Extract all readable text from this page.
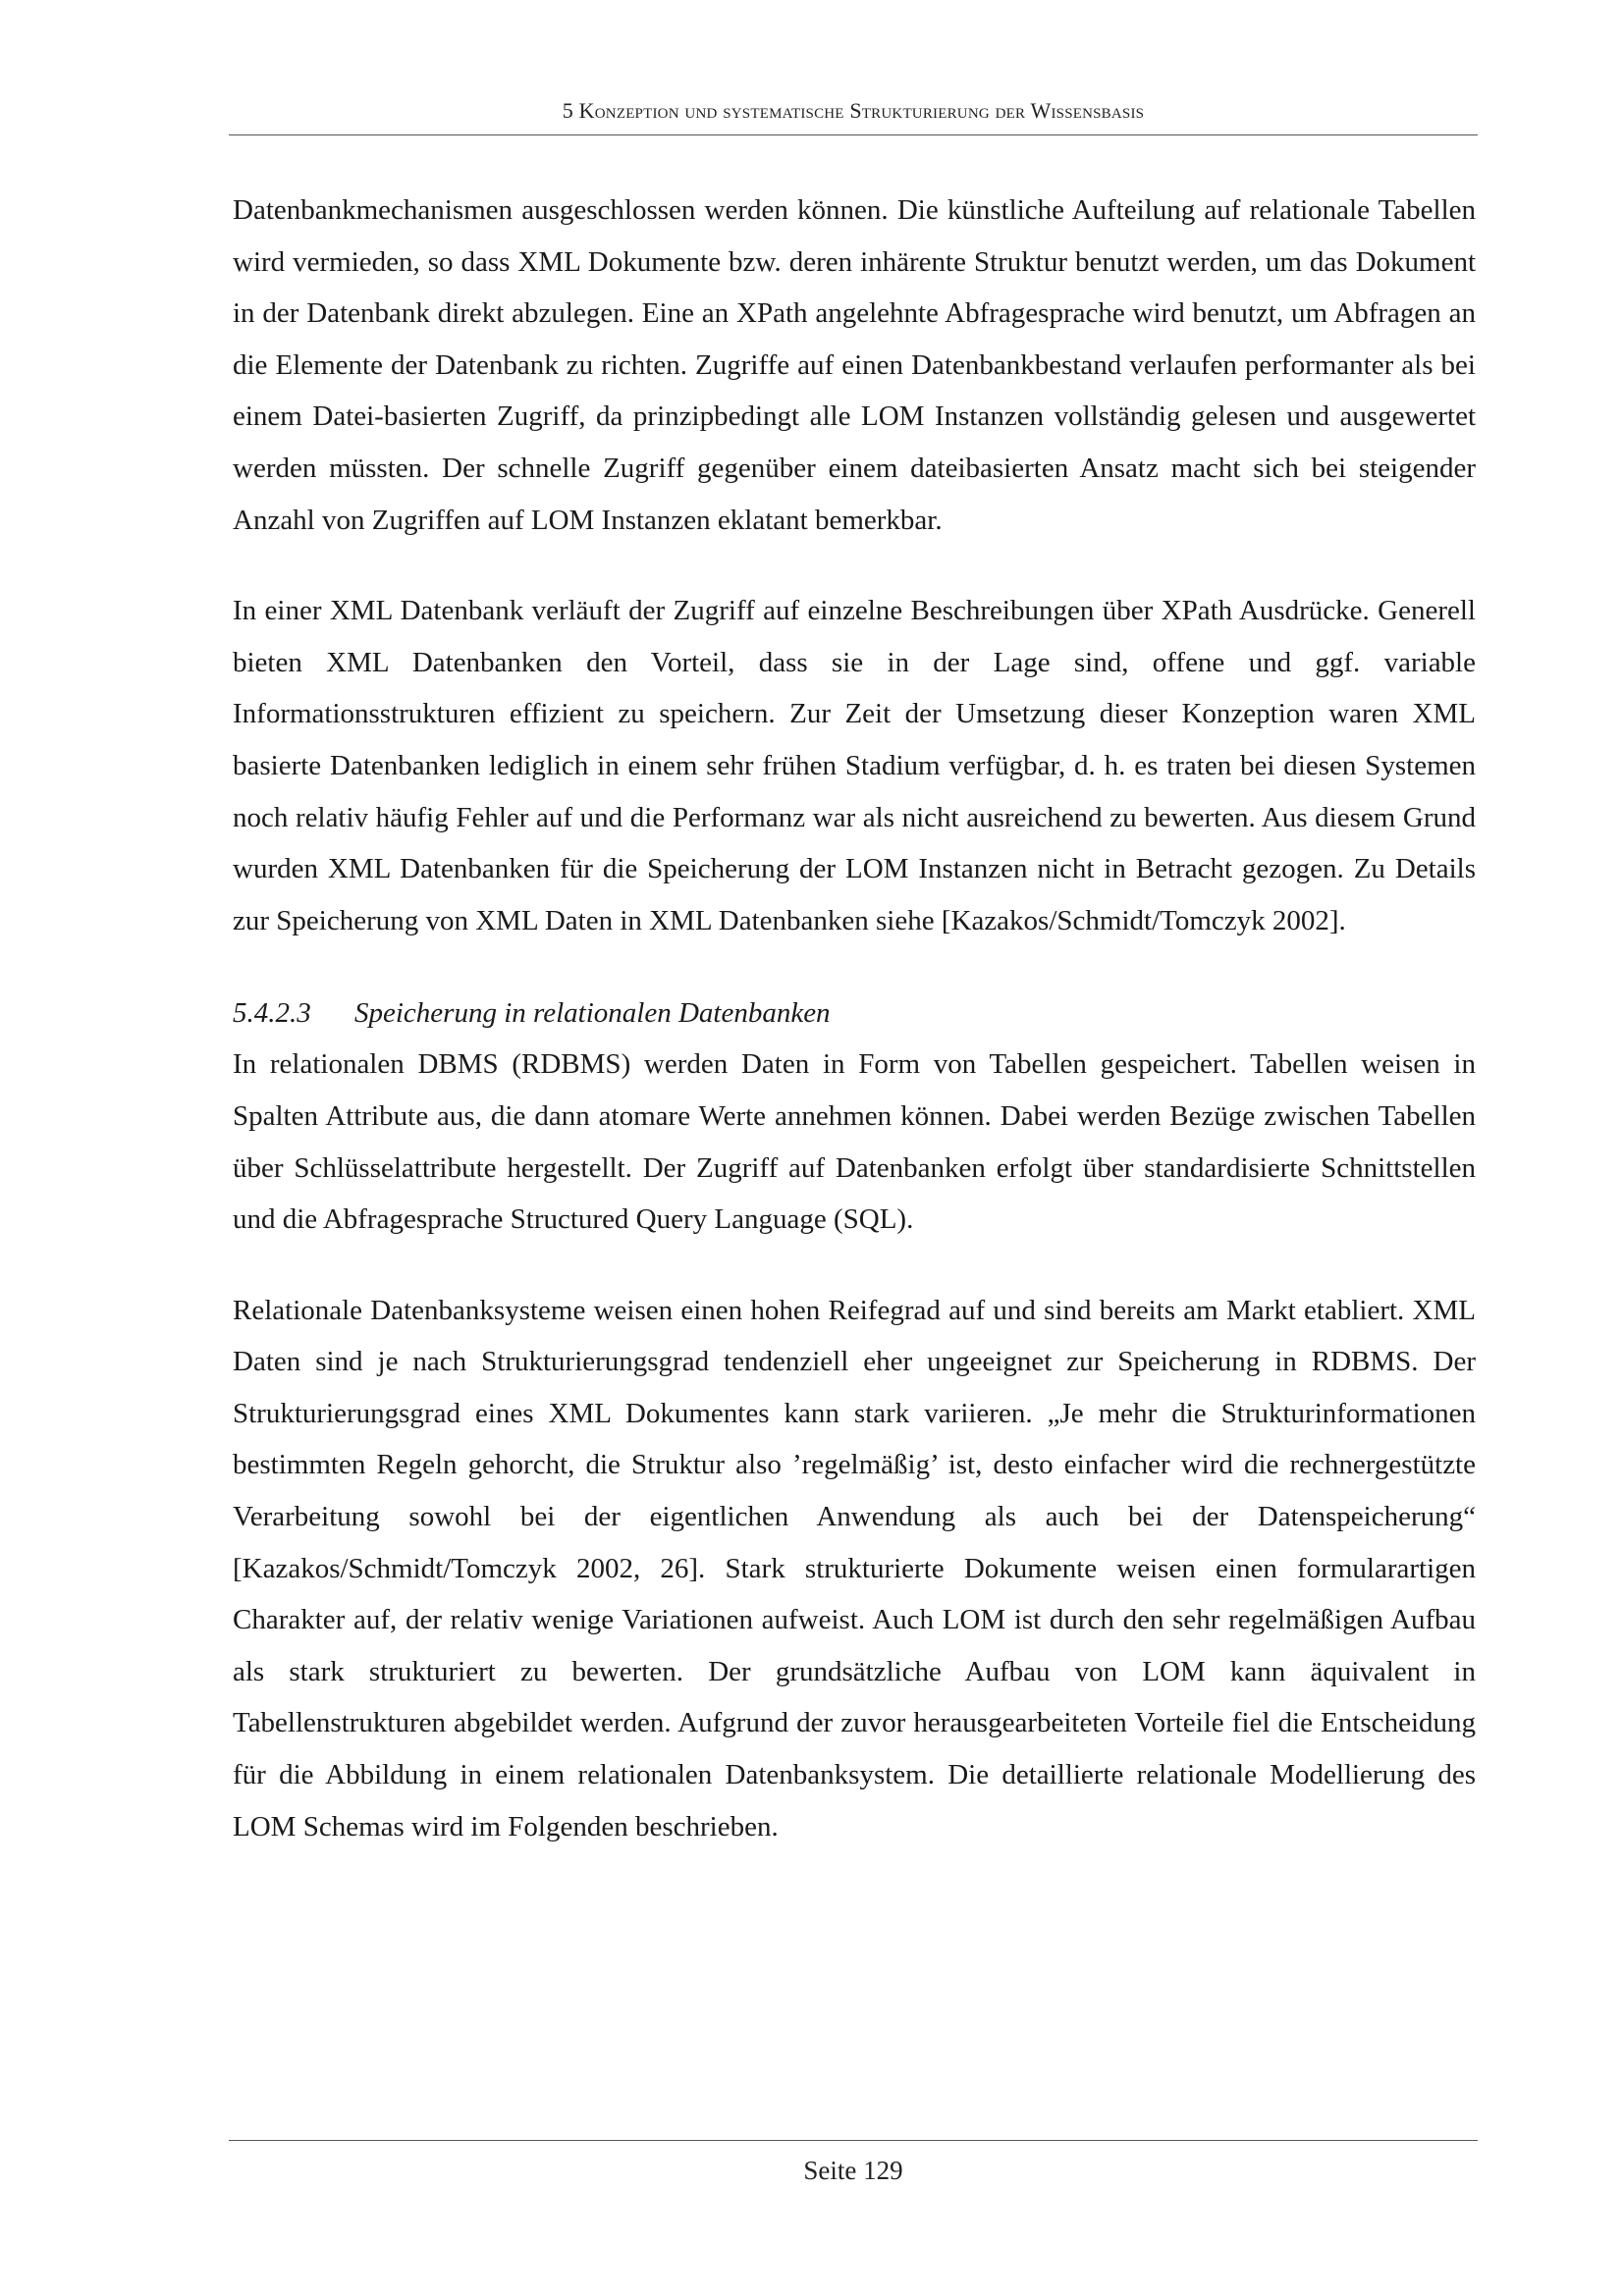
5 Konzeption und systematische Strukturierung der Wissensbasis

Datenbankmechanismen ausgeschlossen werden können. Die künstliche Aufteilung auf relationale Tabellen wird vermieden, so dass XML Dokumente bzw. deren inhärente Struktur benutzt werden, um das Dokument in der Datenbank direkt abzulegen. Eine an XPath angelehnte Abfragesprache wird benutzt, um Abfragen an die Elemente der Datenbank zu richten. Zugriffe auf einen Datenbankbestand verlaufen performanter als bei einem Datei-basierten Zugriff, da prinzipbedingt alle LOM Instanzen vollständig gelesen und ausgewertet werden müssten. Der schnelle Zugriff gegenüber einem dateibasierten Ansatz macht sich bei steigender Anzahl von Zugriffen auf LOM Instanzen eklatant bemerkbar.

In einer XML Datenbank verläuft der Zugriff auf einzelne Beschreibungen über XPath Ausdrücke. Generell bieten XML Datenbanken den Vorteil, dass sie in der Lage sind, offene und ggf. variable Informationsstrukturen effizient zu speichern. Zur Zeit der Umsetzung dieser Konzeption waren XML basierte Datenbanken lediglich in einem sehr frühen Stadium verfügbar, d. h. es traten bei diesen Systemen noch relativ häufig Fehler auf und die Performanz war als nicht ausreichend zu bewerten. Aus diesem Grund wurden XML Datenbanken für die Speicherung der LOM Instanzen nicht in Betracht gezogen. Zu Details zur Speicherung von XML Daten in XML Datenbanken siehe [Kazakos/Schmidt/Tomczyk 2002].

5.4.2.3 Speicherung in relationalen Datenbanken

In relationalen DBMS (RDBMS) werden Daten in Form von Tabellen gespeichert. Tabellen weisen in Spalten Attribute aus, die dann atomare Werte annehmen können. Dabei werden Bezüge zwischen Tabellen über Schlüsselattribute hergestellt. Der Zugriff auf Datenbanken erfolgt über standardisierte Schnittstellen und die Abfragesprache Structured Query Language (SQL).

Relationale Datenbanksysteme weisen einen hohen Reifegrad auf und sind bereits am Markt etabliert. XML Daten sind je nach Strukturierungsgrad tendenziell eher ungeeignet zur Speicherung in RDBMS. Der Strukturierungsgrad eines XML Dokumentes kann stark variieren. „Je mehr die Strukturinformationen bestimmten Regeln gehorcht, die Struktur also ’regelmäßig’ ist, desto einfacher wird die rechnergestützte Verarbeitung sowohl bei der eigentlichen Anwendung als auch bei der Datenspeicherung“ [Kazakos/Schmidt/Tomczyk 2002, 26]. Stark strukturierte Dokumente weisen einen formularartigen Charakter auf, der relativ wenige Variationen aufweist. Auch LOM ist durch den sehr regelmäßigen Aufbau als stark strukturiert zu bewerten. Der grundsätzliche Aufbau von LOM kann äquivalent in Tabellenstrukturen abgebildet werden. Aufgrund der zuvor herausgearbeiteten Vorteile fiel die Entscheidung für die Abbildung in einem relationalen Datenbanksystem. Die detaillierte relationale Modellierung des LOM Schemas wird im Folgenden beschrieben.

Seite 129
